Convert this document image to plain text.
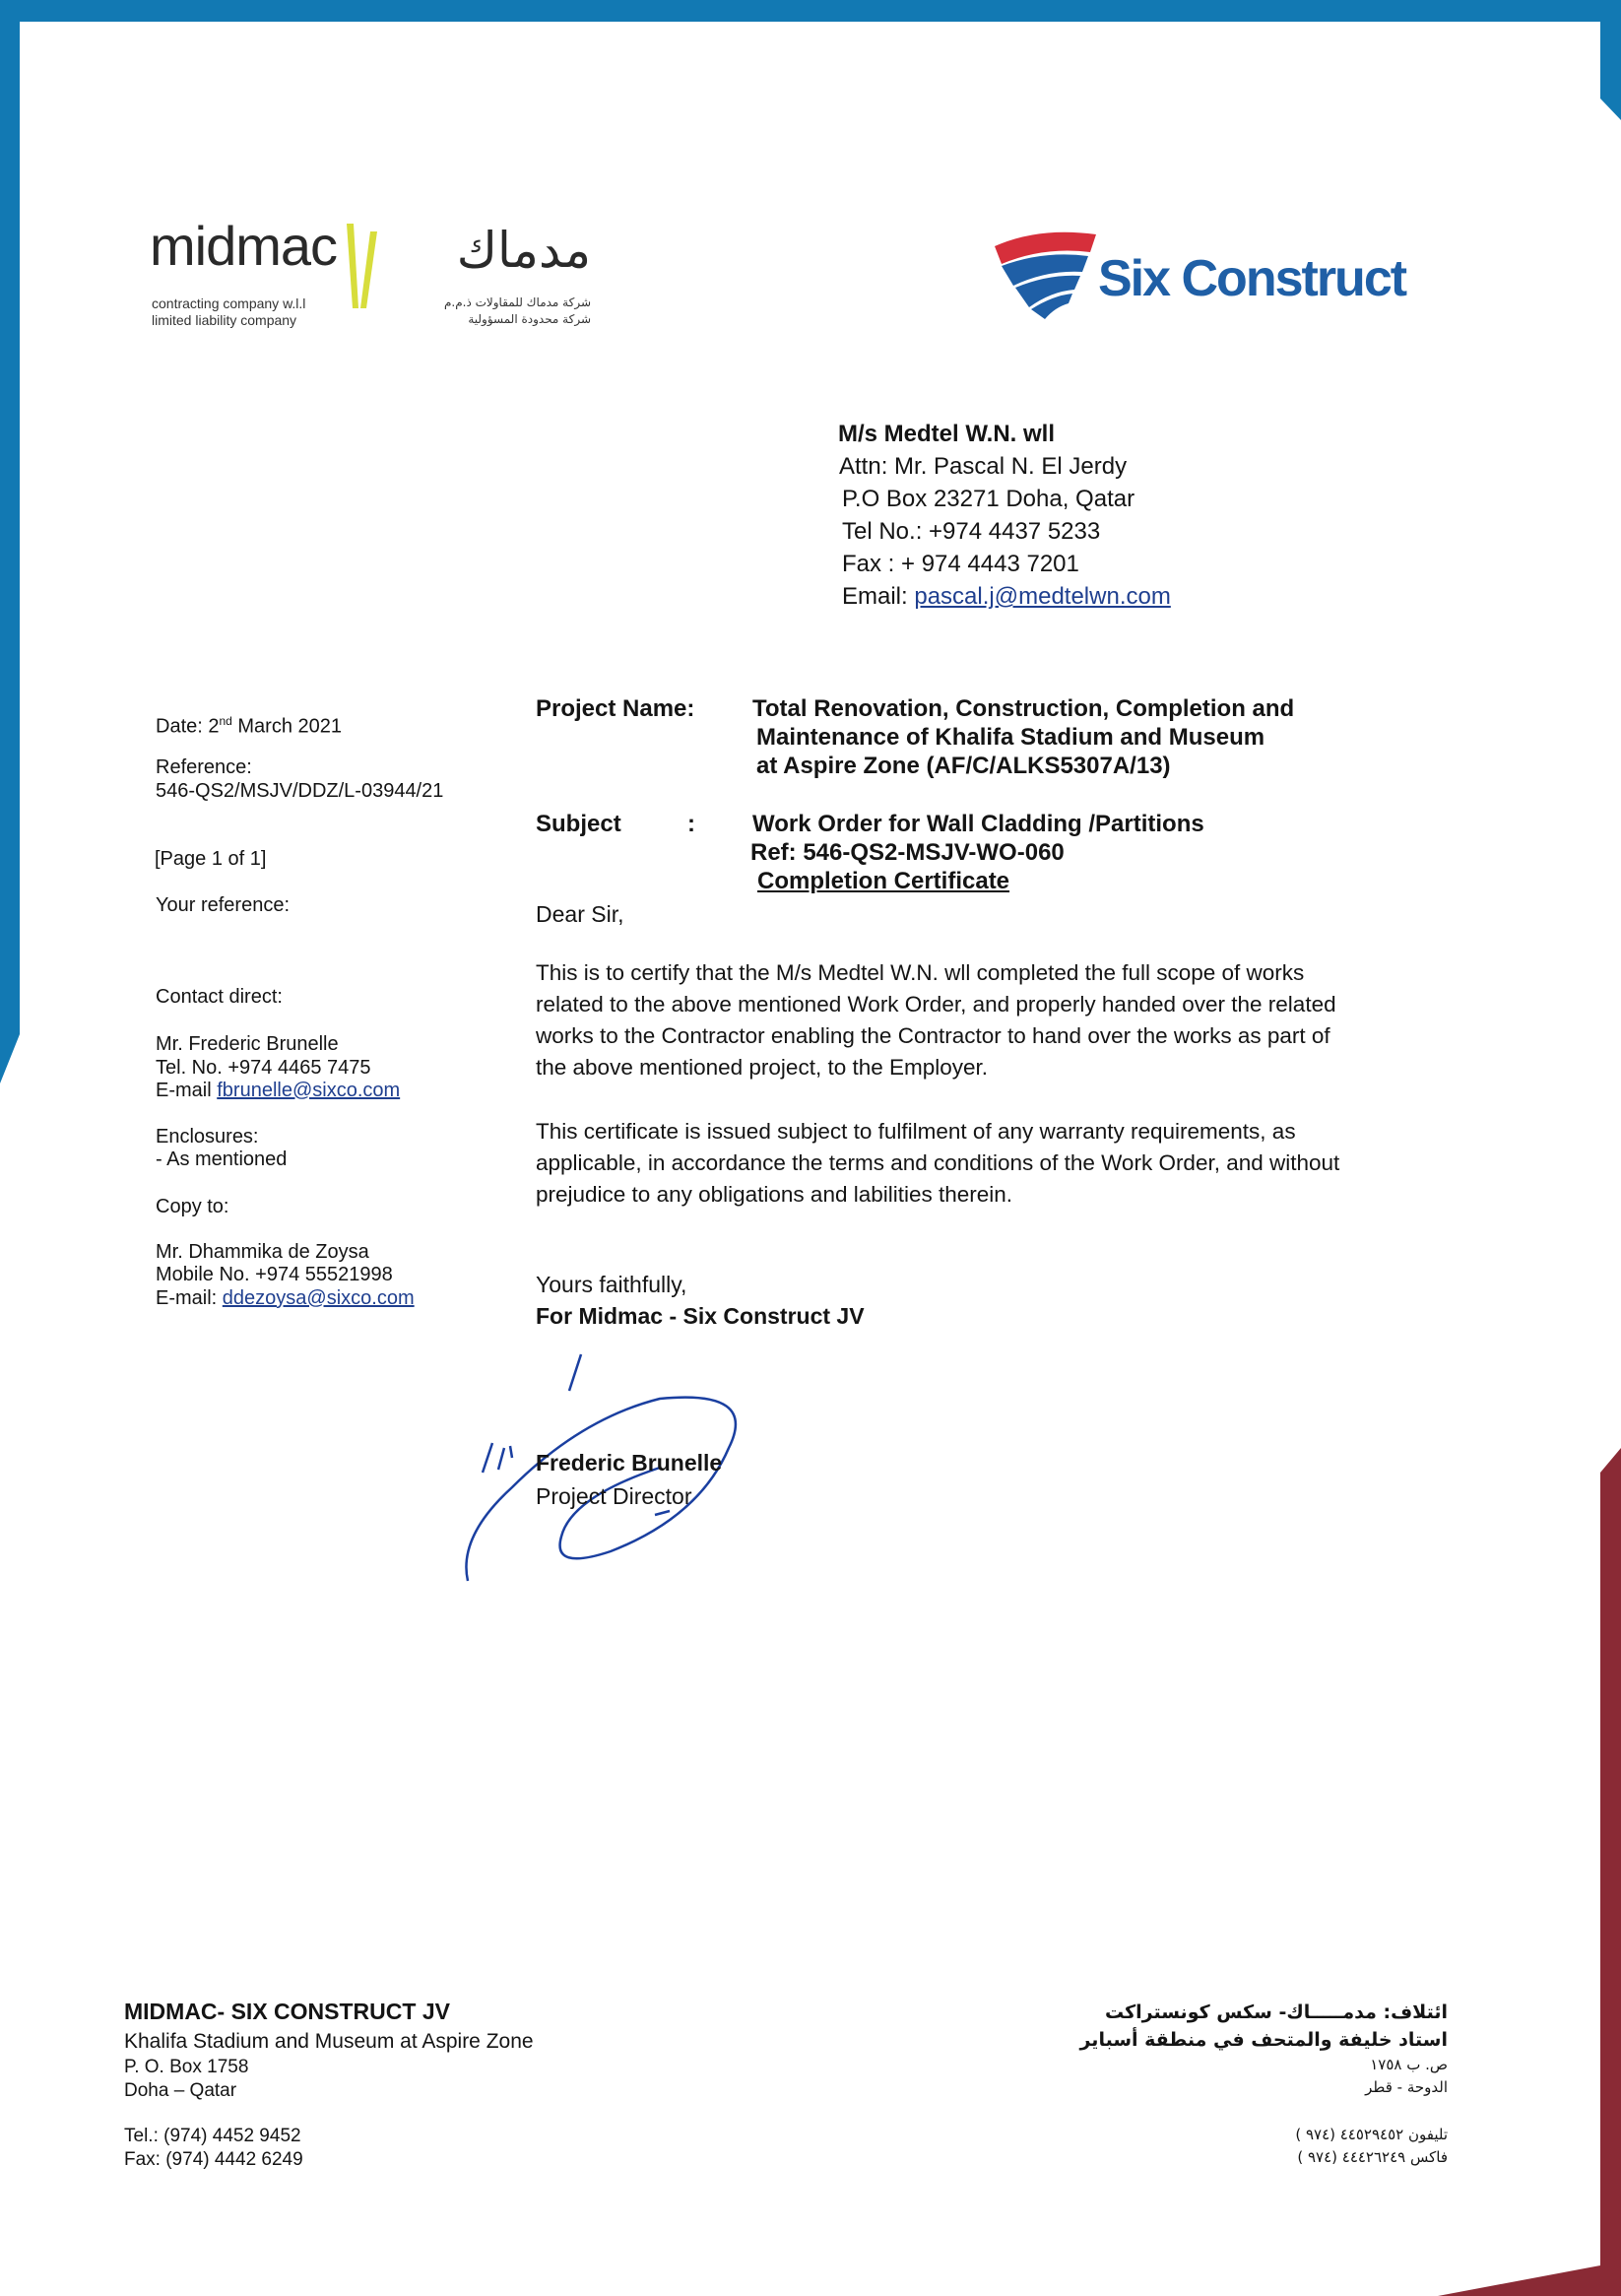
midmac
contracting company w.l.l
limited liability company
مدماك
شركة مدماك للمقاولات ذ.م.م
شركة محدودة المسؤولية
Six Construct
M/s Medtel W.N. wll
Attn: Mr. Pascal N. El Jerdy
P.O Box 23271 Doha, Qatar
Tel No.: +974 4437 5233
Fax : + 974 4443 7201
Email: pascal.j@medtelwn.com
Date: 2nd March 2021
Reference:
546-QS2/MSJV/DDZ/L-03944/21
[Page 1 of 1]
Your reference:
Contact direct:
Mr. Frederic Brunelle
Tel. No. +974 4465 7475
E-mail fbrunelle@sixco.com
Enclosures:
- As mentioned
Copy to:
Mr. Dhammika de Zoysa
Mobile No. +974 55521998
E-mail: ddezoysa@sixco.com
Project Name: Total Renovation, Construction, Completion and
Maintenance of Khalifa Stadium and Museum
at Aspire Zone (AF/C/ALKS5307A/13)
Subject	: Work Order for Wall Cladding /Partitions
Ref: 546-QS2-MSJV-WO-060
Completion Certificate
Dear Sir,
This is to certify that the M/s Medtel W.N. wll completed the full scope of works
related to the above mentioned Work Order, and properly handed over the related
works to the Contractor enabling the Contractor to hand over the works as part of
the above mentioned project, to the Employer.
This certificate is issued subject to fulfilment of any warranty requirements, as
applicable, in accordance the terms and conditions of the Work Order, and without
prejudice to any obligations and labilities therein.
Yours faithfully,
For Midmac - Six Construct JV
Frederic Brunelle
Project Director
MIDMAC- SIX CONSTRUCT JV
Khalifa Stadium and Museum at Aspire Zone
P. O. Box 1758
Doha – Qatar
Tel.: (974) 4452 9452
Fax: (974) 4442 6249
ائتلاف: مدمـــــاك- سكس كونستراكت
استاد خليفة والمتحف في منطقة أسباير
ص. ب ١٧٥٨
الدوحة - قطر
تليفون ٤٤٥٢٩٤٥٢ (٩٧٤ )
فاكس ٤٤٤٢٦٢٤٩ (٩٧٤ )
